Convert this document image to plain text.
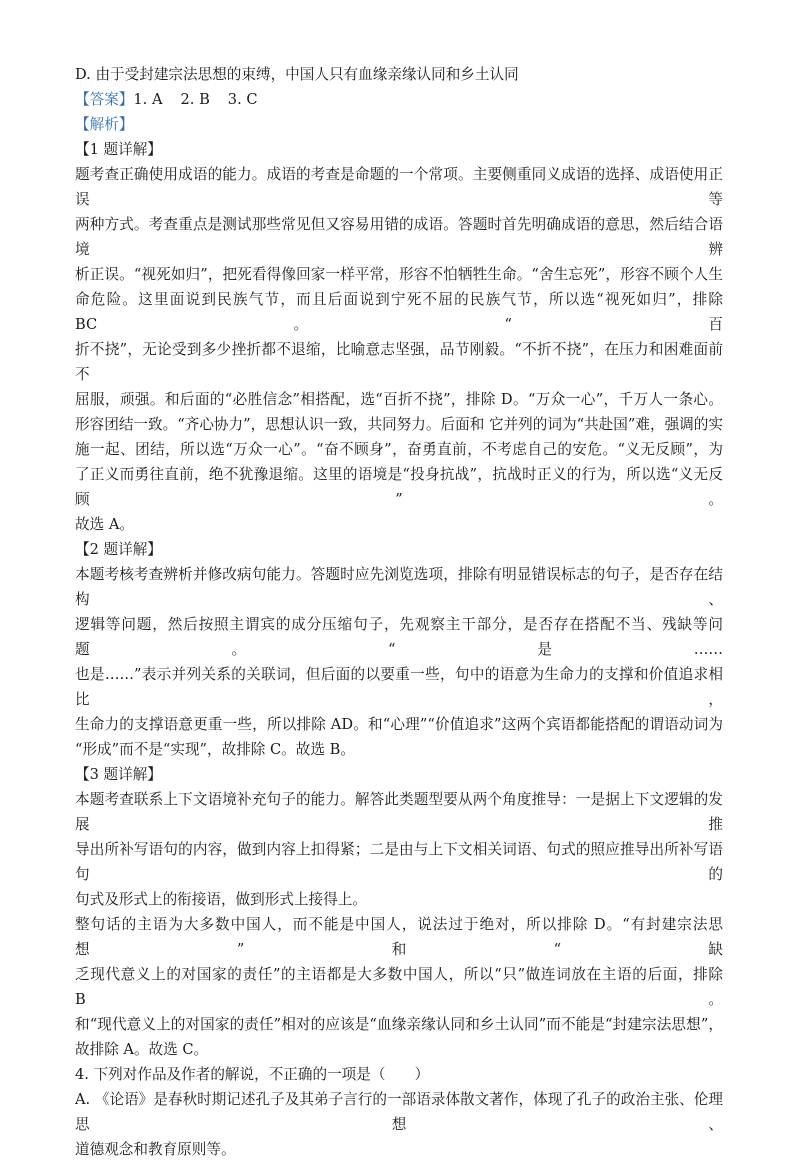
D. 由于受封建宗法思想的束缚，中国人只有血缘亲缘认同和乡土认同

【答案】1. A 2. B 3. C

【解析】

【1 题详解】

题考查正确使用成语的能力。成语的考查是命题的一个常项。主要侧重同义成语的选择、成语使用正误等

两种方式。考查重点是测试那些常见但又容易用错的成语。答题时首先明确成语的意思，然后结合语境辨

析正误。“视死如归”，把死看得像回家一样平常，形容不怕牺牲生命。“舍生忘死”，形容不顾个人生

命危险。这里面说到民族气节，而且后面说到宁死不屈的民族气节，所以选“视死如归”，排除 BC。“百

折不挠”，无论受到多少挫折都不退缩，比喻意志坚强，品节刚毅。“不折不挠”，在压力和困难面前不

屈服，顽强。和后面的“必胜信念”相搭配，选“百折不挠”，排除 D。“万众一心”，千万人一条心。

形容团结一致。“齐心协力”，思想认识一致，共同努力。后面和 它并列的词为“共赴国”难，强调的实

施一起、团结，所以选“万众一心”。“奋不顾身”，奋勇直前，不考虑自己的安危。“义无反顾”，为

了正义而勇往直前，绝不犹豫退缩。这里的语境是“投身抗战”，抗战时正义的行为，所以选“义无反顾”。

故选 A。

【2 题详解】

本题考核考查辨析并修改病句能力。答题时应先浏览选项，排除有明显错误标志的句子，是否存在结构、

逻辑等问题，然后按照主谓宾的成分压缩句子，先观察主干部分，是否存在搭配不当、残缺等问题。“是……

也是……”表示并列关系的关联词，但后面的以要重一些，句中的语意为生命力的支撑和价值追求相比，

生命力的支撑语意更重一些，所以排除 AD。和“心理”“价值追求”这两个宾语都能搭配的谓语动词为

“形成”而不是“实现”，故排除 C。故选 B。

【3 题详解】

本题考查联系上下文语境补充句子的能力。解答此类题型要从两个角度推导：一是据上下文逻辑的发展推

导出所补写语句的内容，做到内容上扣得紧；二是由与上下文相关词语、句式的照应推导出所补写语句的

句式及形式上的衔接语，做到形式上接得上。

整句话的主语为大多数中国人，而不能是中国人，说法过于绝对，所以排除 D。“有封建宗法思想”和“缺

乏现代意义上的对国家的责任”的主语都是大多数中国人，所以“只”做连词放在主语的后面，排除 B。

和“现代意义上的对国家的责任”相对的应该是“血缘亲缘认同和乡土认同”而不能是“封建宗法思想”，

故排除 A。故选 C。

4. 下列对作品及作者的解说，不正确的一项是（　　）

A. 《论语》是春秋时期记述孔子及其弟子言行的一部语录体散文著作，体现了孔子的政治主张、伦理思想、

道德观念和教育原则等。
